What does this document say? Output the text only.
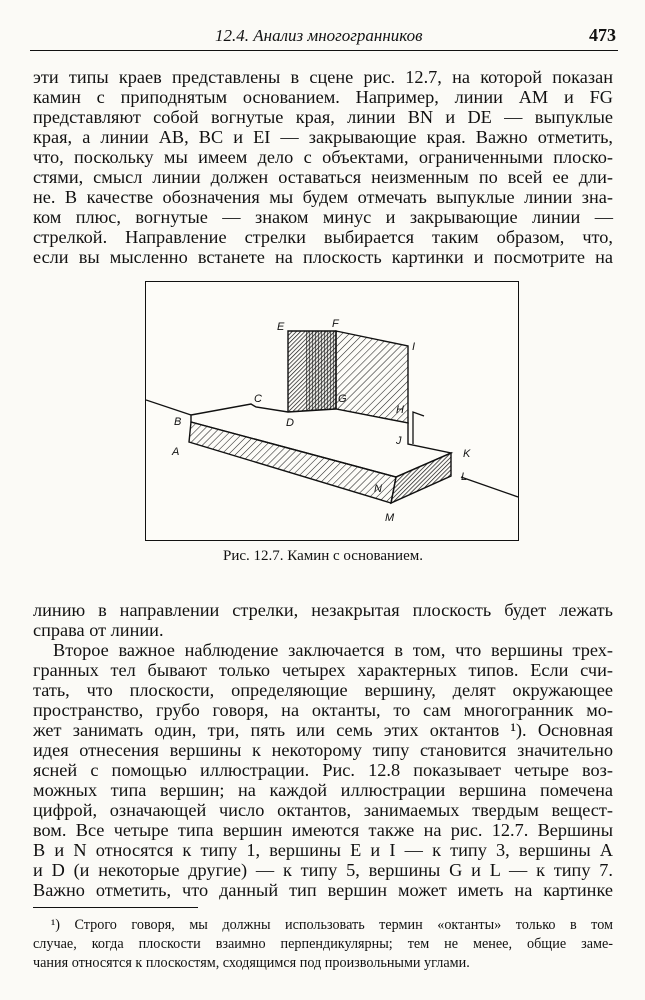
12.4. Анализ многогранников	473
эти типы краев представлены в сцене рис. 12.7, на которой показан
камин с приподнятым основанием. Например, линии AM и FG
представляют собой вогнутые края, линии BN и DE — выпуклые
края, а линии AB, BC и EI — закрывающие края. Важно отметить,
что, поскольку мы имеем дело с объектами, ограниченными плоско-
стями, смысл линии должен оставаться неизменным по всей ее дли-
не. В качестве обозначения мы будем отмечать выпуклые линии зна-
ком плюс, вогнутые — знаком минус и закрывающие линии —
стрелкой. Направление стрелки выбирается таким образом, что,
если вы мысленно встанете на плоскость картинки и посмотрите на
E	F
I
C
B
G
D
H
J
A	K
L
N
M
Рис. 12.7. Камин с основанием.
линию в направлении стрелки, незакрытая плоскость будет лежать
справа от линии.
Второе важное наблюдение заключается в том, что вершины трех-
гранных тел бывают только четырех характерных типов. Если счи-
тать, что плоскости, определяющие вершину, делят окружающее
пространство, грубо говоря, на октанты, то сам многогранник мо-
жет занимать один, три, пять или семь этих октантов ¹). Основная
идея отнесения вершины к некоторому типу становится значительно
ясней с помощью иллюстрации. Рис. 12.8 показывает четыре воз-
можных типа вершин; на каждой иллюстрации вершина помечена
цифрой, означающей число октантов, занимаемых твердым вещест-
вом. Все четыре типа вершин имеются также на рис. 12.7. Вершины
B и N относятся к типу 1, вершины E и I — к типу 3, вершины A
и D (и некоторые другие) — к типу 5, вершины G и L — к типу 7.
Важно отметить, что данный тип вершин может иметь на картинке
¹) Строго говоря, мы должны использовать термин «октанты» только в том
случае, когда плоскости взаимно перпендикулярны; тем не менее, общие заме-
чания относятся к плоскостям, сходящимся под произвольными углами.
